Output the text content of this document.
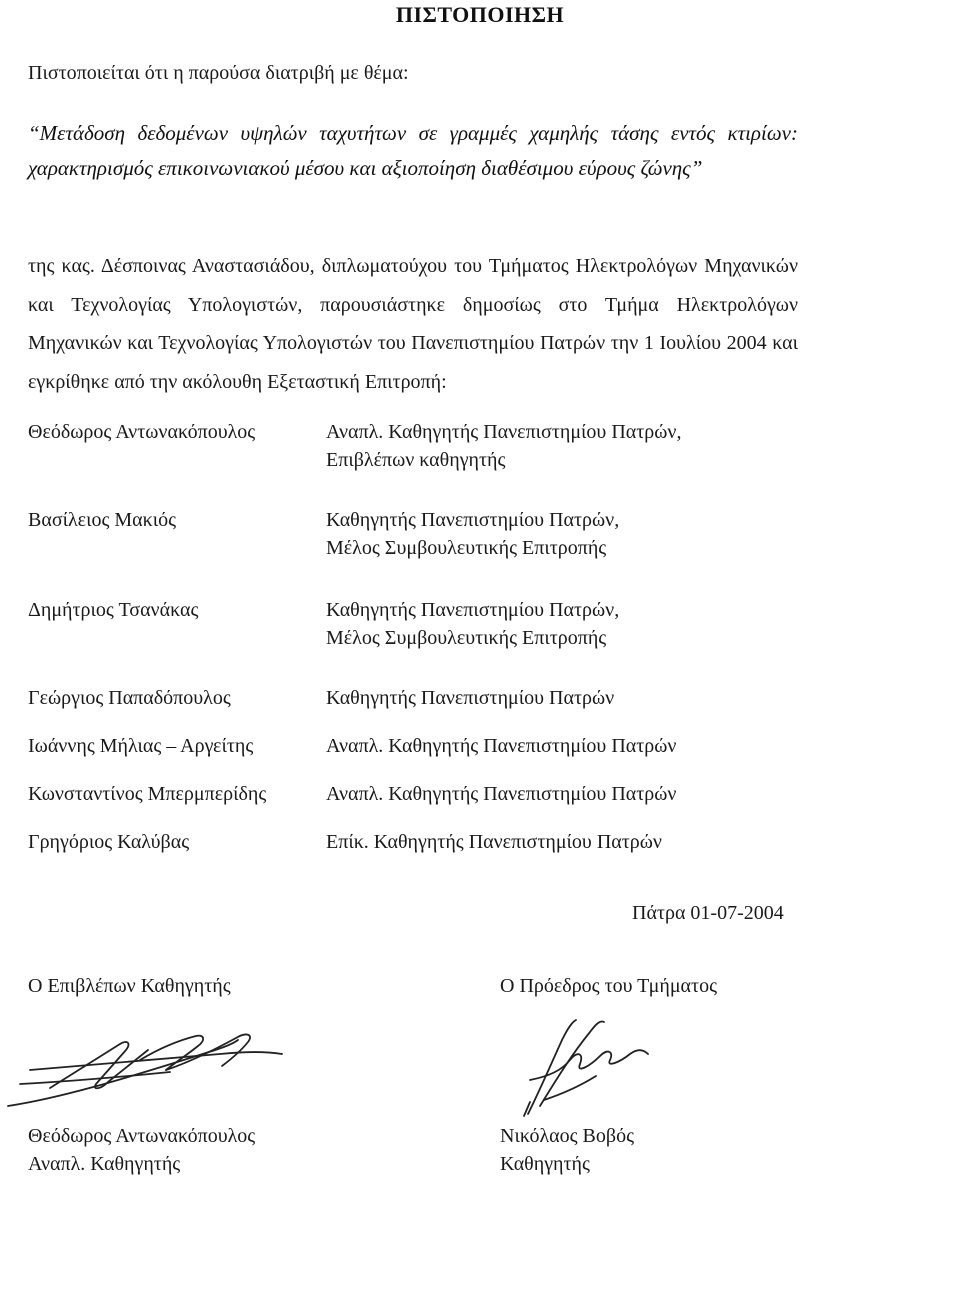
ΠΙΣΤΟΠΟΙΗΣΗ
Πιστοποιείται ότι η παρούσα διατριβή με θέμα:
“Μετάδοση δεδομένων υψηλών ταχυτήτων σε γραμμές χαμηλής τάσης εντός κτιρίων: χαρακτηρισμός επικοινωνιακού μέσου και αξιοποίηση διαθέσιμου εύρους ζώνης”
της κας. Δέσποινας Αναστασιάδου, διπλωματούχου του Τμήματος Ηλεκτρολόγων Μηχανικών και Τεχνολογίας Υπολογιστών, παρουσιάστηκε δημοσίως στο Τμήμα Ηλεκτρολόγων Μηχανικών και Τεχνολογίας Υπολογιστών του Πανεπιστημίου Πατρών την 1 Ιουλίου 2004 και εγκρίθηκε από την ακόλουθη Εξεταστική Επιτροπή:
Θεόδωρος Αντωνακόπουλος	Αναπλ. Καθηγητής Πανεπιστημίου Πατρών,
Επιβλέπων καθηγητής
Βασίλειος Μακιός	Καθηγητής Πανεπιστημίου Πατρών,
Μέλος Συμβουλευτικής Επιτροπής
Δημήτριος Τσανάκας	Καθηγητής Πανεπιστημίου Πατρών,
Μέλος Συμβουλευτικής Επιτροπής
Γεώργιος Παπαδόπουλος	Καθηγητής Πανεπιστημίου Πατρών
Ιωάννης Μήλιας – Αργείτης	Αναπλ. Καθηγητής Πανεπιστημίου Πατρών
Κωνσταντίνος Μπερμπερίδης	Αναπλ. Καθηγητής Πανεπιστημίου Πατρών
Γρηγόριος Καλύβας	Επίκ. Καθηγητής Πανεπιστημίου Πατρών
Πάτρα 01-07-2004
Ο Επιβλέπων Καθηγητής
Θεόδωρος Αντωνακόπουλος
Αναπλ. Καθηγητής
Ο Πρόεδρος του Τμήματος
Νικόλαος Βοβός
Καθηγητής
